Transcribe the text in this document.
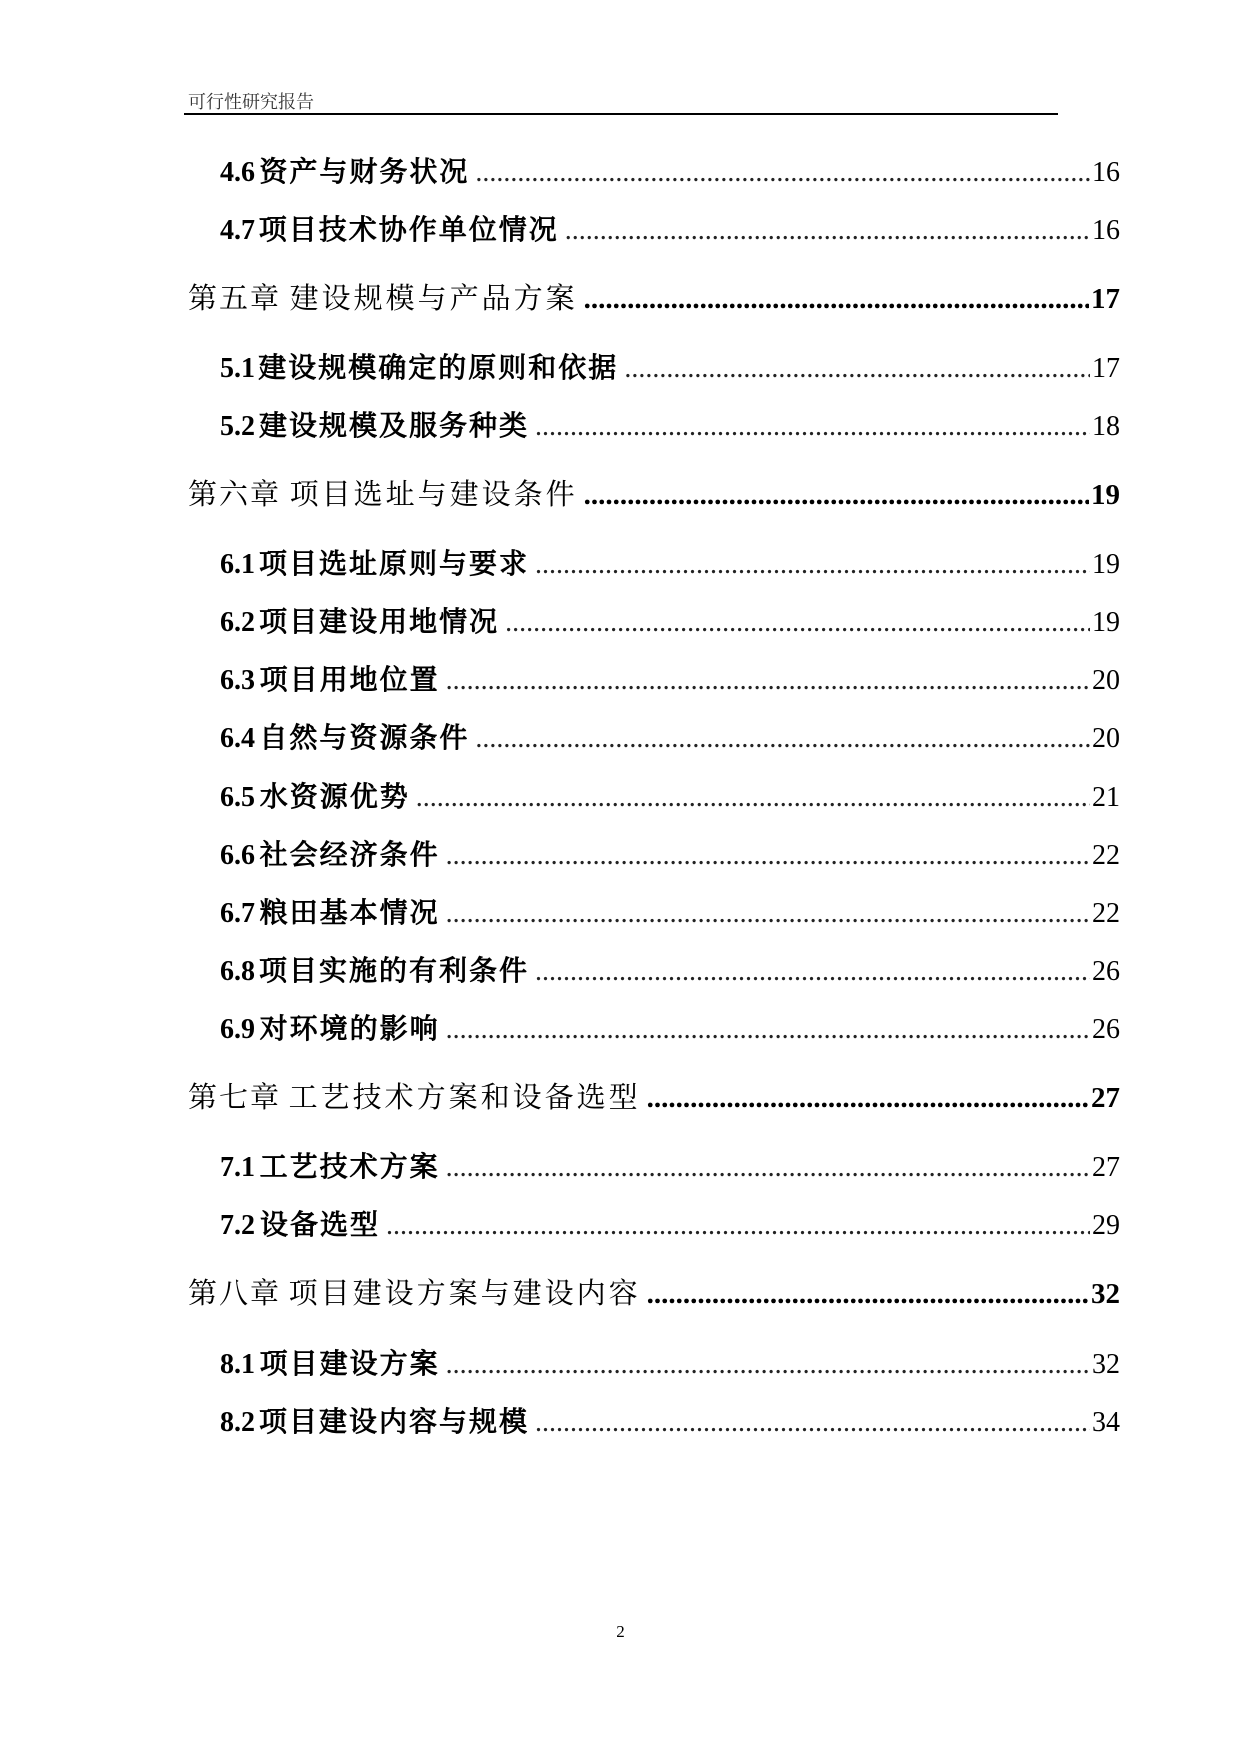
可行性研究报告
4.6 资产与财务状况 .....	16
4.7 项目技术协作单位情况 .....	16
第五章 建设规模与产品方案 .....	17
5.1 建设规模确定的原则和依据 .....	17
5.2 建设规模及服务种类 .....	18
第六章 项目选址与建设条件 .....	19
6.1 项目选址原则与要求 .....	19
6.2 项目建设用地情况 .....	19
6.3 项目用地位置 .....	20
6.4 自然与资源条件 .....	20
6.5 水资源优势 .....	21
6.6 社会经济条件 .....	22
6.7 粮田基本情况 .....	22
6.8 项目实施的有利条件 .....	26
6.9 对环境的影响 .....	26
第七章 工艺技术方案和设备选型 .....	27
7.1 工艺技术方案 .....	27
7.2 设备选型 .....	29
第八章 项目建设方案与建设内容 .....	32
8.1 项目建设方案 .....	32
8.2 项目建设内容与规模 .....	34
2
